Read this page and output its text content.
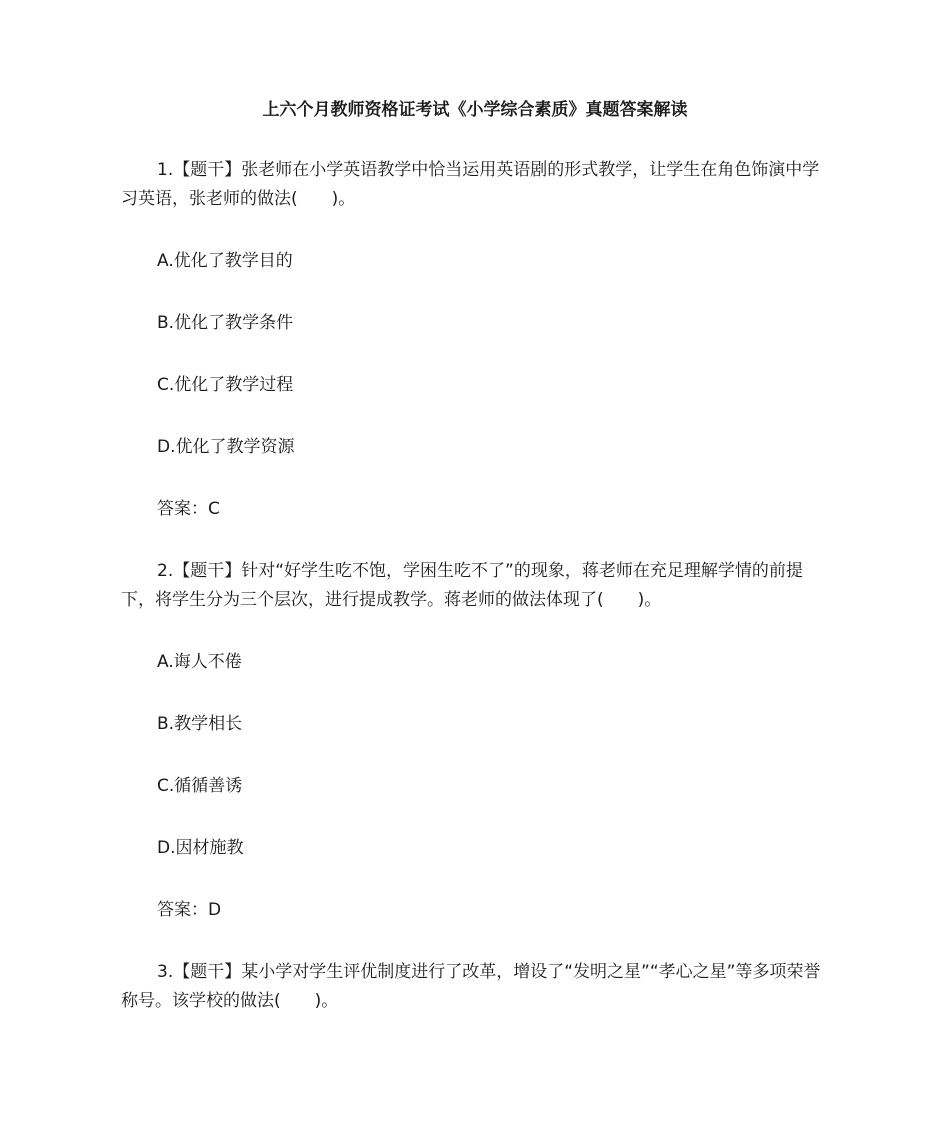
上六个月教师资格证考试《小学综合素质》真题答案解读

1.【题干】张老师在小学英语教学中恰当运用英语剧的形式教学，让学生在角色饰演中学习英语，张老师的做法(　　)。

A.优化了教学目的

B.优化了教学条件

C.优化了教学过程

D.优化了教学资源

答案：C

2.【题干】针对“好学生吃不饱，学困生吃不了”的现象，蒋老师在充足理解学情的前提下，将学生分为三个层次，进行提成教学。蒋老师的做法体现了(　　)。

A.诲人不倦

B.教学相长

C.循循善诱

D.因材施教

答案：D

3.【题干】某小学对学生评优制度进行了改革，增设了“发明之星”“孝心之星”等多项荣誉称号。该学校的做法(　　)。
